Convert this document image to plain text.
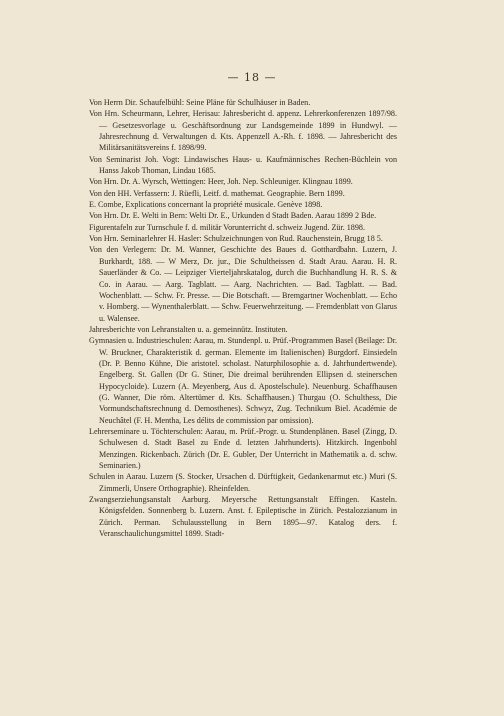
— 18 —

Von Herrn Dir. Schaufelbühl: Seine Pläne für Schulhäuser in Baden.

Von Hrn. Scheurmann, Lehrer, Herisau: Jahresbericht d. appenz. Lehrerkonferenzen 1897/98. — Gesetzesvorlage u. Geschäftsordnung zur Landsgemeinde 1899 in Hundwyl. — Jahresrechnung d. Verwaltungen d. Kts. Appenzell A.-Rh. f. 1898. — Jahresbericht des Militärsanitätsvereins f. 1898/99.

Von Seminarist Joh. Vogt: Lindawisches Haus- u. Kaufmännisches Rechen-Büchlein von Hanss Jakob Thoman, Lindau 1685.

Von Hrn. Dr. A. Wyrsch, Wettingen: Heer, Joh. Nep. Schleuniger. Klingnau 1899.

Von den HH. Verfassern: J. Rüefli, Leitf. d. mathemat. Geographie. Bern 1899.

E. Combe, Explications concernant la propriété musicale. Genève 1898.

Von Hrn. Dr. E. Welti in Bern: Welti Dr. E., Urkunden d Stadt Baden. Aarau 1899 2 Bde.

Figurentafeln zur Turnschule f. d. militär Vorunterricht d. schweiz Jugend. Zür. 1898.

Von Hrn. Seminarlehrer H. Hasler: Schulzeichnungen von Rud. Rauchenstein, Brugg 18 5.

Von den Verlegern: Dr. M. Wanner, Geschichte des Baues d. Gotthardbahn. Luzern, J. Burkhardt, 188. — W Merz, Dr. jur., Die Schultheissen d. Stadt Arau. Aarau. H. R. Sauerländer & Co. — Leipziger Vierteljahrskatalog, durch die Buchhandlung H. R. S. & Co. in Aarau. — Aarg. Tagblatt. — Aarg. Nachrichten. — Bad. Tagblatt. — Bad. Wochenblatt. — Schw. Fr. Presse. — Die Botschaft. — Bremgartner Wochenblatt. — Echo v. Homberg. — Wynenthalerblatt. — Schw. Feuerwehrzeitung. — Fremdenblatt von Glarus u. Walensee.

Jahresberichte von Lehranstalten u. a. gemeinnütz. Instituten.

Gymnasien u. Industrieschulen: Aarau, m. Stundenpl. u. Prüf.-Programmen Basel (Beilage: Dr. W. Bruckner, Charakteristik d. german. Elemente im Italienischen) Burgdorf. Einsiedeln (Dr. P. Benno Kühne, Die aristotel. scholast. Naturphilosophie a. d. Jahrhundertwende). Engelberg. St. Gallen (Dr G. Stiner, Die dreimal berührenden Ellipsen d. steinerschen Hypocycloide). Luzern (A. Meyenberg, Aus d. Apostelschule). Neuenburg. Schaffhausen (G. Wanner, Die röm. Altertümer d. Kts. Schaffhausen.) Thurgau (O. Schulthess, Die Vormundschaftsrechnung d. Demosthenes). Schwyz, Zug. Technikum Biel. Académie de Neuchâtel (F. H. Mentha, Les délits de commission par omission).

Lehrerseminare u. Töchterschulen: Aarau, m. Prüf.-Progr. u. Stundenplänen. Basel (Zingg, D. Schulwesen d. Stadt Basel zu Ende d. letzten Jahrhunderts). Hitzkirch. Ingenbohl Menzingen. Rickenbach. Zürich (Dr. E. Gubler, Der Unterricht in Mathematik a. d. schw. Seminarien.)

Schulen in Aarau. Luzern (S. Stocker, Ursachen d. Dürftigkeit, Gedankenarmut etc.) Muri (S. Zimmerli, Unsere Orthographie). Rheinfelden.

Zwangserziehungsanstalt Aarburg. Meyersche Rettungsanstalt Effingen. Kasteln. Königsfelden. Sonnenberg b. Luzern. Anst. f. Epileptische in Zürich. Pestalozzianum in Zürich. Perman. Schulausstellung in Bern 1895—97. Katalog ders. f. Veranschaulichungsmittel 1899. Stadt-
